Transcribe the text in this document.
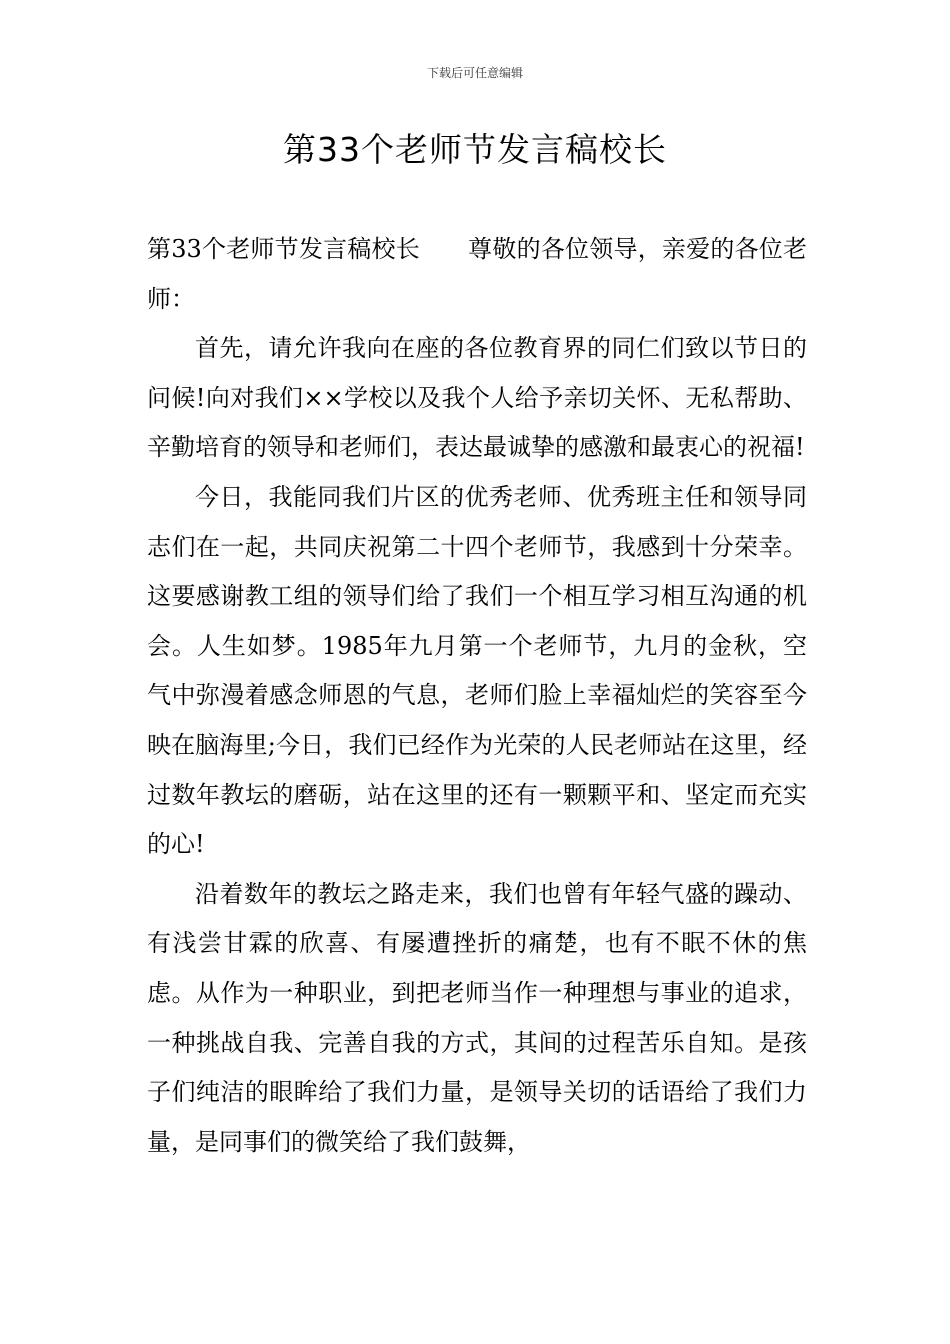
下载后可任意编辑
第33个老师节发言稿校长

第33个老师节发言稿校长 尊敬的各位领导，亲爱的各位老师：

首先，请允许我向在座的各位教育界的同仁们致以节日的问候!向对我们××学校以及我个人给予亲切关怀、无私帮助、辛勤培育的领导和老师们，表达最诚挚的感激和最衷心的祝福!

今日，我能同我们片区的优秀老师、优秀班主任和领导同志们在一起，共同庆祝第二十四个老师节，我感到十分荣幸。这要感谢教工组的领导们给了我们一个相互学习相互沟通的机会。人生如梦。1985年九月第一个老师节，九月的金秋，空气中弥漫着感念师恩的气息，老师们脸上幸福灿烂的笑容至今映在脑海里;今日，我们已经作为光荣的人民老师站在这里，经过数年教坛的磨砺，站在这里的还有一颗颗平和、坚定而充实的心!

沿着数年的教坛之路走来，我们也曾有年轻气盛的躁动、有浅尝甘霖的欣喜、有屡遭挫折的痛楚，也有不眠不休的焦虑。从作为一种职业，到把老师当作一种理想与事业的追求，一种挑战自我、完善自我的方式，其间的过程苦乐自知。是孩子们纯洁的眼眸给了我们力量，是领导关切的话语给了我们力量，是同事们的微笑给了我们鼓舞，
